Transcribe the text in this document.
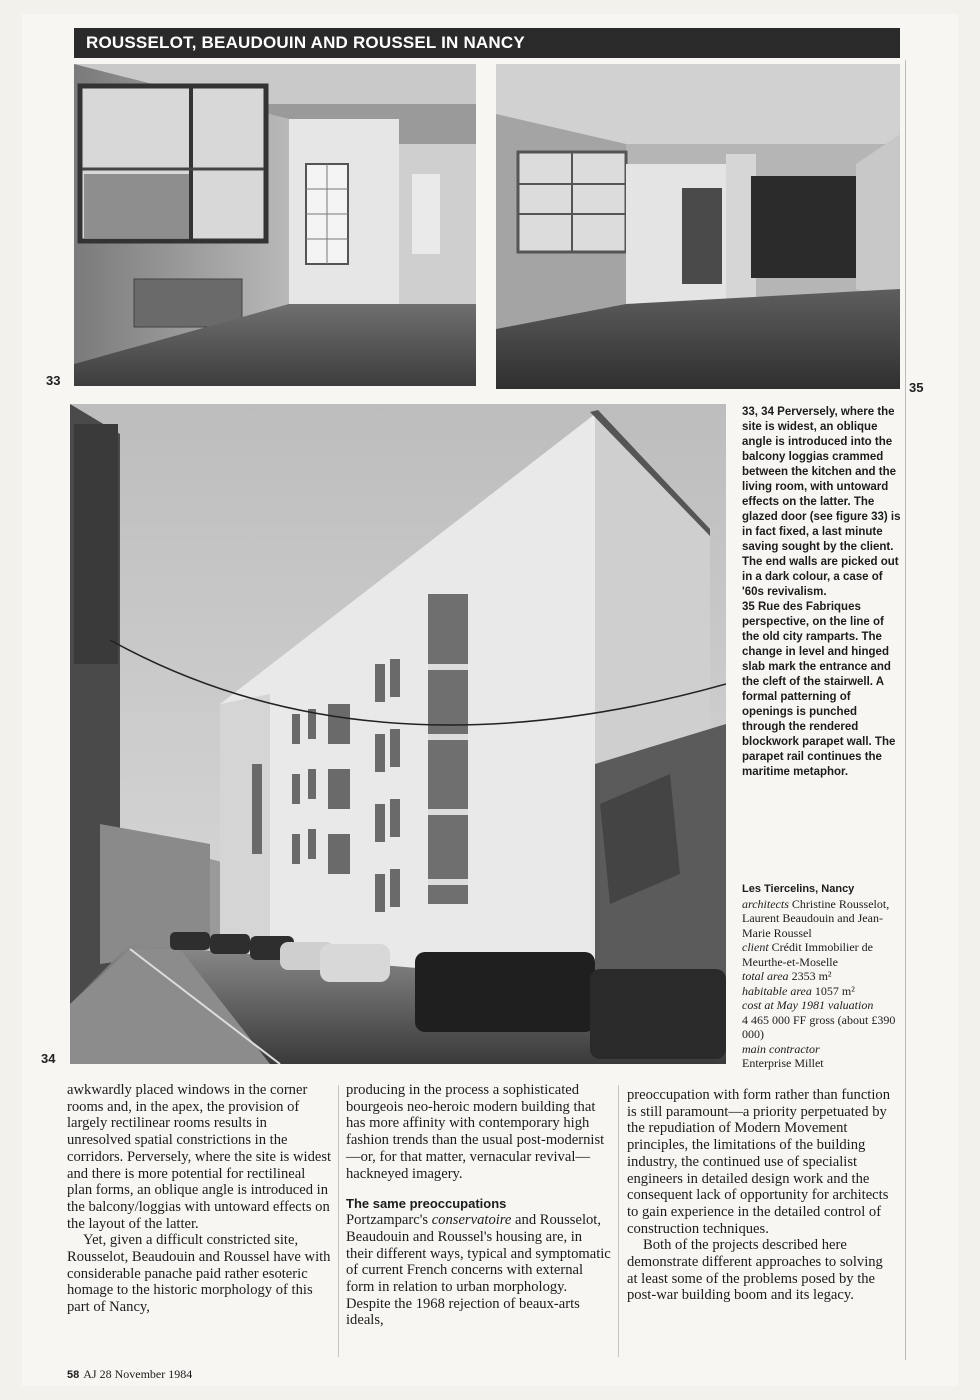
ROUSSELOT, BEAUDOUIN AND ROUSSEL IN NANCY
33	35
34

33, 34 Perversely, where the site is widest, an oblique angle is introduced into the balcony loggias crammed between the kitchen and the living room, with untoward effects on the latter. The glazed door (see figure 33) is in fact fixed, a last minute saving sought by the client. The end walls are picked out in a dark colour, a case of '60s revivalism.

35 Rue des Fabriques perspective, on the line of the old city ramparts. The change in level and hinged slab mark the entrance and the cleft of the stairwell. A formal patterning of openings is punched through the rendered blockwork parapet wall. The parapet rail continues the maritime metaphor.

Les Tiercelins, Nancy
architects Christine Rousselot, Laurent Beaudouin and Jean-Marie Roussel
client Crédit Immobilier de Meurthe-et-Moselle
total area 2353 m²
habitable area 1057 m²
cost at May 1981 valuation
4 465 000 FF gross (about £390 000)
main contractor
Enterprise Millet

awkwardly placed windows in the corner rooms and, in the apex, the provision of largely rectilinear rooms results in unresolved spatial constrictions in the corridors. Perversely, where the site is widest and there is more potential for rectilineal plan forms, an oblique angle is introduced in the balcony/loggias with untoward effects on the layout of the latter.

Yet, given a difficult constricted site, Rousselot, Beaudouin and Roussel have with considerable panache paid rather esoteric homage to the historic morphology of this part of Nancy,

producing in the process a sophisticated bourgeois neo-heroic modern building that has more affinity with contemporary high fashion trends than the usual post-modernist—or, for that matter, vernacular revival—hackneyed imagery.

The same preoccupations

Portzamparc's conservatoire and Rousselot, Beaudouin and Roussel's housing are, in their different ways, typical and symptomatic of current French concerns with external form in relation to urban morphology. Despite the 1968 rejection of beaux-arts ideals,

preoccupation with form rather than function is still paramount—a priority perpetuated by the repudiation of Modern Movement principles, the limitations of the building industry, the continued use of specialist engineers in detailed design work and the consequent lack of opportunity for architects to gain experience in the detailed control of construction techniques.

Both of the projects described here demonstrate different approaches to solving at least some of the problems posed by the post-war building boom and its legacy.

58 AJ 28 November 1984
